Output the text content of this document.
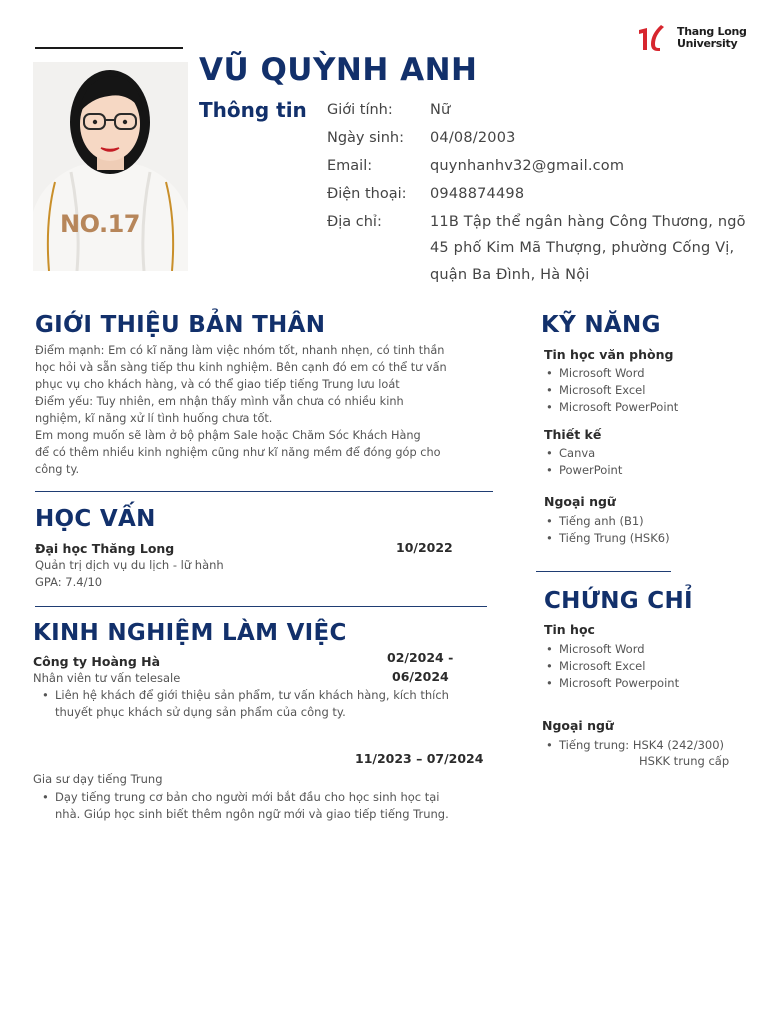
NO.17
VŨ QUỲNH ANH
Thông tin Giới tính:	Nữ
Ngày sinh: 04/08/2003
Email:	quynhanhv32@gmail.com
Điện thoại: 0948874498
Địa chỉ:	11B Tập thể ngân hàng Công Thương, ngõ
45 phố Kim Mã Thượng, phường Cống Vị,
quận Ba Đình, Hà Nội
Thang Long
University
GIỚI THIỆU BẢN THÂN
Điểm mạnh: Em có kĩ năng làm việc nhóm tốt, nhanh nhẹn, có tinh thần
học hỏi và sẵn sàng tiếp thu kinh nghiệm. Bên cạnh đó em có thể tư vấn
phục vụ cho khách hàng, và có thể giao tiếp tiếng Trung lưu loát
Điểm yếu: Tuy nhiên, em nhận thấy mình vẫn chưa có nhiều kinh
nghiệm, kĩ năng xử lí tình huống chưa tốt.
Em mong muốn sẽ làm ở bộ phậm Sale hoặc Chăm Sóc Khách Hàng
để có thêm nhiều kinh nghiệm cũng như kĩ năng mềm để đóng góp cho
công ty.
HỌC VẤN
Đại học Thăng Long	10/2022
Quản trị dịch vụ du lịch - lữ hành
GPA: 7.4/10
KINH NGHIỆM LÀM VIỆC
Công ty Hoàng Hà	02/2024 -
06/2024
Nhân viên tư vấn telesale
• Liên hệ khách để giới thiệu sản phẩm, tư vấn khách hàng, kích thích
thuyết phục khách sử dụng sản phẩm của công ty.
11/2023 – 07/2024
Gia sư dạy tiếng Trung
• Dạy tiếng trung cơ bản cho người mới bắt đầu cho học sinh học tại
nhà. Giúp học sinh biết thêm ngôn ngữ mới và giao tiếp tiếng Trung.
KỸ NĂNG
Tin học văn phòng
• Microsoft Word
• Microsoft Excel
• Microsoft PowerPoint
Thiết kế
• Canva
• PowerPoint
Ngoại ngữ
• Tiếng anh (B1)
• Tiếng Trung (HSK6)
CHỨNG CHỈ
Tin học
• Microsoft Word
• Microsoft Excel
• Microsoft Powerpoint
Ngoại ngữ
• Tiếng trung: HSK4 (242/300)
HSKK trung cấp
